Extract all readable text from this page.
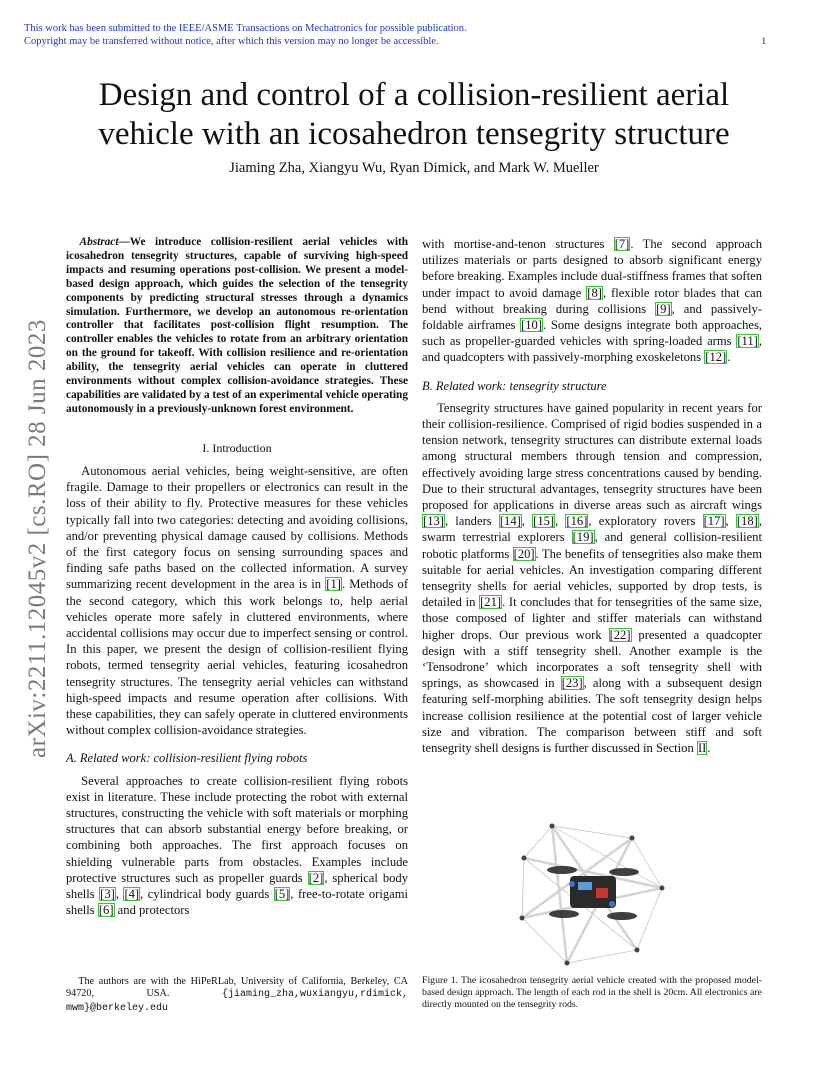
This work has been submitted to the IEEE/ASME Transactions on Mechatronics for possible publication.
Copyright may be transferred without notice, after which this version may no longer be accessible.	1
arXiv:2211.12045v2 [cs.RO] 28 Jun 2023
Design and control of a collision-resilient aerial vehicle with an icosahedron tensegrity structure
Jiaming Zha, Xiangyu Wu, Ryan Dimick, and Mark W. Mueller

Abstract—We introduce collision-resilient aerial vehicles with icosahedron tensegrity structures, capable of surviving high-speed impacts and resuming operations post-collision. We present a model-based design approach, which guides the selection of the tensegrity components by predicting structural stresses through a dynamics simulation. Furthermore, we develop an autonomous re-orientation controller that facilitates post-collision flight resumption. The controller enables the vehicles to rotate from an arbitrary orientation on the ground for takeoff. With collision resilience and re-orientation ability, the tensegrity aerial vehicles can operate in cluttered environments without complex collision-avoidance strategies. These capabilities are validated by a test of an experimental vehicle operating autonomously in a previously-unknown forest environment.

I. Introduction

Autonomous aerial vehicles, being weight-sensitive, are often fragile. Damage to their propellers or electronics can result in the loss of their ability to fly. Protective measures for these vehicles typically fall into two categories: detecting and avoiding collisions, and/or preventing physical damage caused by collisions. Methods of the first category focus on sensing surrounding spaces and finding safe paths based on the collected information. A survey summarizing recent development in the area is in [1]. Methods of the second category, which this work belongs to, help aerial vehicles operate more safely in cluttered environments, where accidental collisions may occur due to imperfect sensing or control. In this paper, we present the design of collision-resilient flying robots, termed tensegrity aerial vehicles, featuring icosahedron tensegrity structures. The tensegrity aerial vehicles can withstand high-speed impacts and resume operation after collisions. With these capabilities, they can safely operate in cluttered environments without complex collision-avoidance strategies.

A. Related work: collision-resilient flying robots

Several approaches to create collision-resilient flying robots exist in literature. These include protecting the robot with external structures, constructing the vehicle with soft materials or morphing structures that can absorb substantial energy before breaking, or combining both approaches. The first approach focuses on shielding vulnerable parts from obstacles. Examples include protective structures such as propeller guards [2], spherical body shells [3], [4], cylindrical body guards [5], free-to-rotate origami shells [6] and protectors

with mortise-and-tenon structures [7]. The second approach utilizes materials or parts designed to absorb significant energy before breaking. Examples include dual-stiffness frames that soften under impact to avoid damage [8], flexible rotor blades that can bend without breaking during collisions [9], and passively-foldable airframes [10]. Some designs integrate both approaches, such as propeller-guarded vehicles with spring-loaded arms [11], and quadcopters with passively-morphing exoskeletons [12].

B. Related work: tensegrity structure

Tensegrity structures have gained popularity in recent years for their collision-resilience. Comprised of rigid bodies suspended in a tension network, tensegrity structures can distribute external loads among structural members through tension and compression, effectively avoiding large stress concentrations caused by bending. Due to their structural advantages, tensegrity structures have been proposed for applications in diverse areas such as aircraft wings [13], landers [14], [15], [16], exploratory rovers [17], [18], swarm terrestrial explorers [19], and general collision-resilient robotic platforms [20]. The benefits of tensegrities also make them suitable for aerial vehicles. An investigation comparing different tensegrity shells for aerial vehicles, supported by drop tests, is detailed in [21]. It concludes that for tensegrities of the same size, those composed of lighter and stiffer materials can withstand higher drops. Our previous work [22] presented a quadcopter design with a stiff tensegrity shell. Another example is the ‘Tensodrone’ which incorporates a soft tensegrity shell with springs, as showcased in [23], along with a subsequent design featuring self-morphing abilities. The soft tensegrity design helps increase collision resilience at the potential cost of larger vehicle size and vibration. The comparison between stiff and soft tensegrity shell designs is further discussed in Section II.

Figure 1. The icosahedron tensegrity aerial vehicle created with the proposed model-based design approach. The length of each rod in the shell is 20cm. All electronics are directly mounted on the tensegrity rods.
The authors are with the HiPeRLab, University of California, Berkeley, CA 94720, USA. {jiaming_zha,wuxiangyu,rdimick, mwm}@berkeley.edu
